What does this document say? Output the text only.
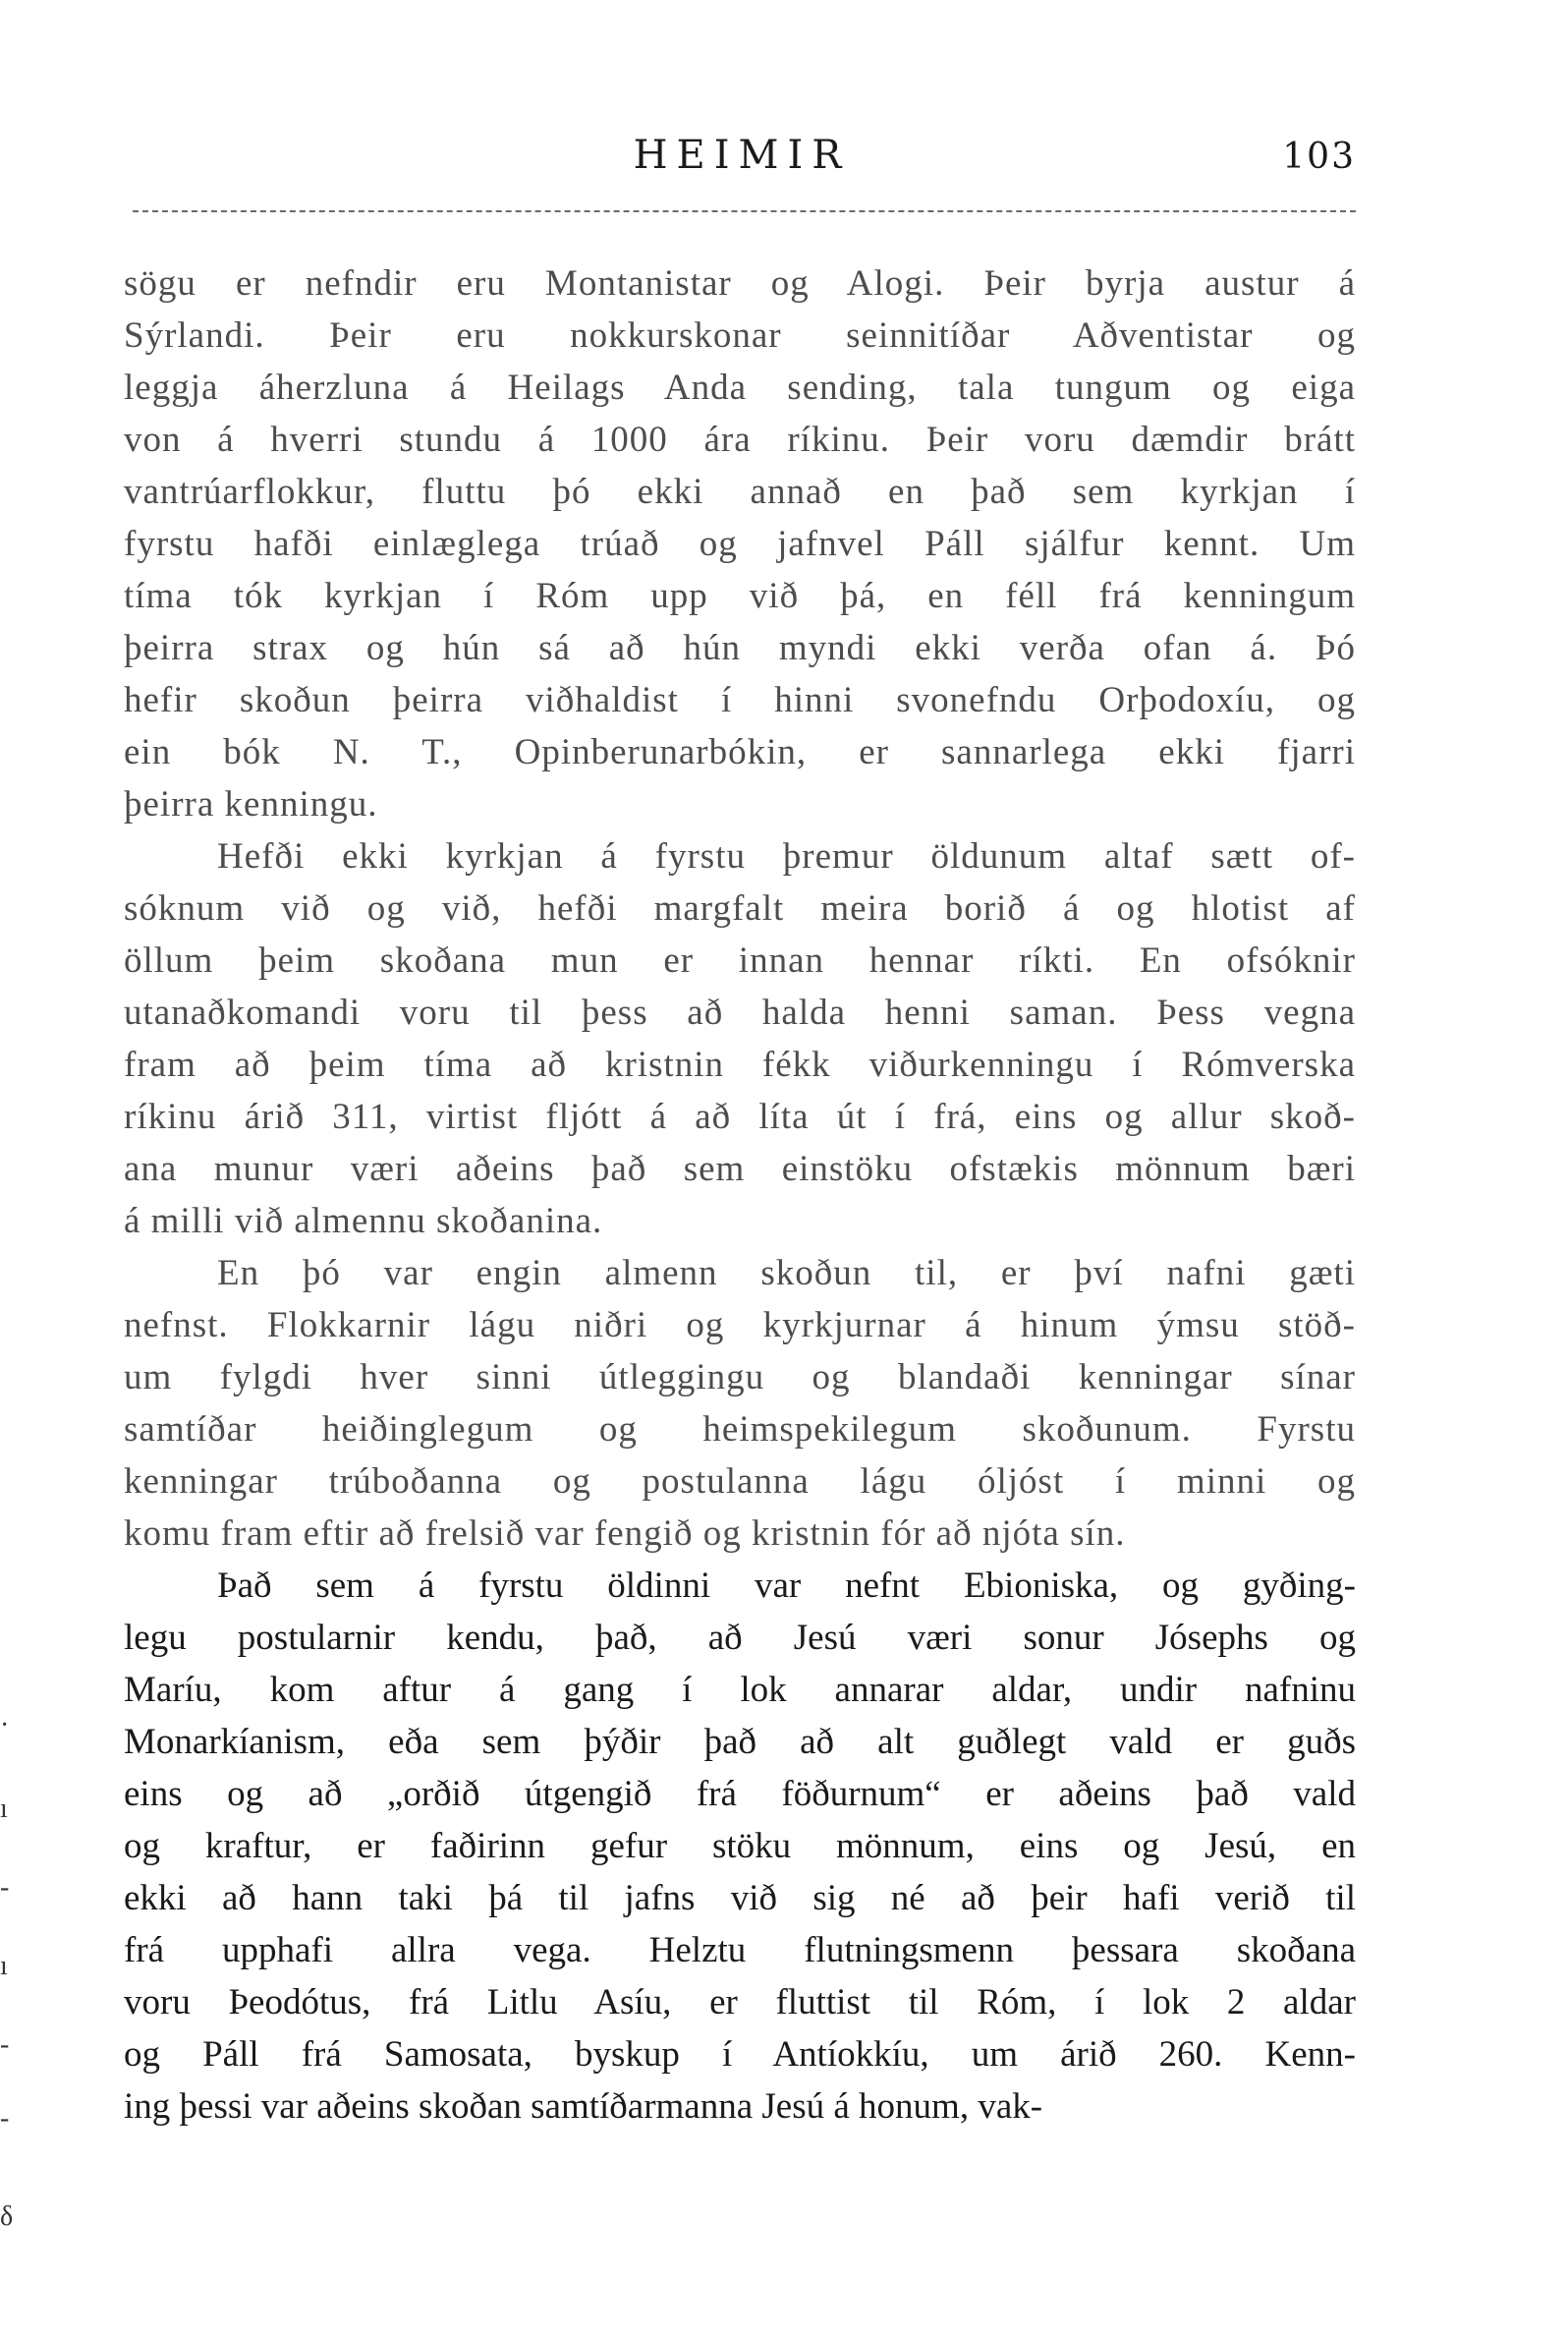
HEIMIR	103
sögu er nefndir eru Montanistar og Alogi. Þeir byrja austur á
Sýrlandi. Þeir eru nokkurskonar seinnitíðar Aðventistar og
leggja áherzluna á Heilags Anda sending, tala tungum og eiga
von á hverri stundu á 1000 ára ríkinu. Þeir voru dæmdir brátt
vantrúarflokkur, fluttu þó ekki annað en það sem kyrkjan í
fyrstu hafði einlæglega trúað og jafnvel Páll sjálfur kennt. Um
tíma tók kyrkjan í Róm upp við þá, en féll frá kenningum
þeirra strax og hún sá að hún myndi ekki verða ofan á. Þó
hefir skoðun þeirra viðhaldist í hinni svonefndu Orþodoxíu, og
ein bók N. T., Opinberunarbókin, er sannarlega ekki fjarri
þeirra kenningu.
Hefði ekki kyrkjan á fyrstu þremur öldunum altaf sætt of-
sóknum við og við, hefði margfalt meira borið á og hlotist af
öllum þeim skoðana mun er innan hennar ríkti. En ofsóknir
utanaðkomandi voru til þess að halda henni saman. Þess vegna
fram að þeim tíma að kristnin fékk viðurkenningu í Rómverska
ríkinu árið 311, virtist fljótt á að líta út í frá, eins og allur skoð-
ana munur væri aðeins það sem einstöku ofstækis mönnum bæri
á milli við almennu skoðanina.
En þó var engin almenn skoðun til, er því nafni gæti
nefnst. Flokkarnir lágu niðri og kyrkjurnar á hinum ýmsu stöð-
um fylgdi hver sinni útleggingu og blandaði kenningar sínar
samtíðar heiðinglegum og heimspekilegum skoðunum. Fyrstu
kenningar trúboðanna og postulanna lágu óljóst í minni og
komu fram eftir að frelsið var fengið og kristnin fór að njóta sín.
Það sem á fyrstu öldinni var nefnt Ebioniska, og gyðing-
legu postularnir kendu, það, að Jesú væri sonur Jósephs og
Maríu, kom aftur á gang í lok annarar aldar, undir nafninu
Monarkíanism, eða sem þýðir það að alt guðlegt vald er guðs
eins og að „orðið útgengið frá föðurnum“ er aðeins það vald
og kraftur, er faðirinn gefur stöku mönnum, eins og Jesú, en
ekki að hann taki þá til jafns við sig né að þeir hafi verið til
frá upphafi allra vega. Helztu flutningsmenn þessara skoðana
voru Þeodótus, frá Litlu Asíu, er fluttist til Róm, í lok 2 aldar
og Páll frá Samosata, byskup í Antíokkíu, um árið 260. Kenn-
ing þessi var aðeins skoðan samtíðarmanna Jesú á honum, vak-
·
ı
-
ı
-
-
δ
